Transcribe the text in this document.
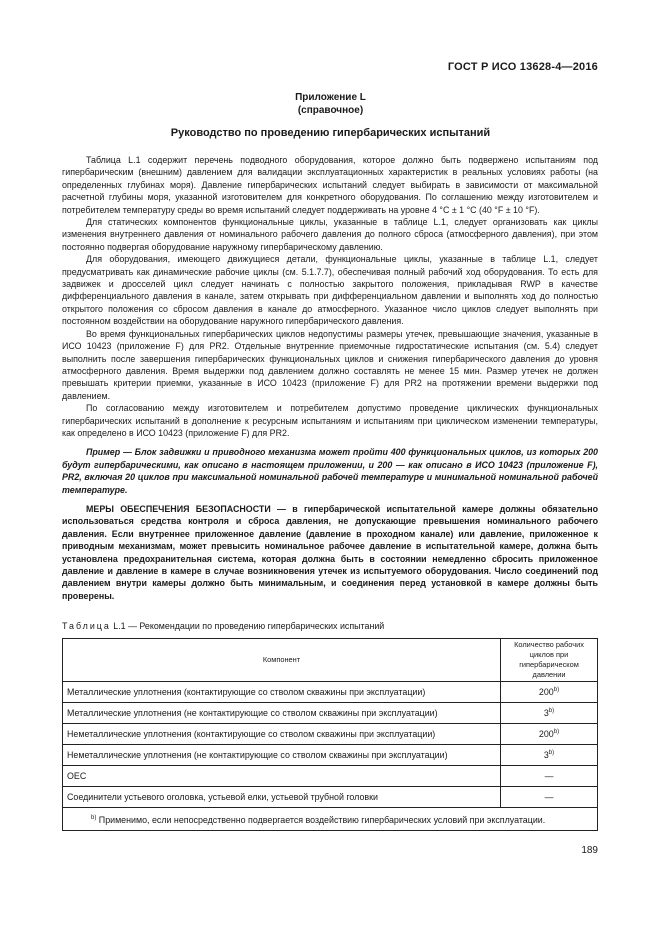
ГОСТ Р ИСО 13628-4—2016
Приложение L
(справочное)
Руководство по проведению гипербарических испытаний

Таблица L.1 содержит перечень подводного оборудования, которое должно быть подвержено испытаниям под гипербарическим (внешним) давлением для валидации эксплуатационных характеристик в реальных условиях работы (на определенных глубинах моря). Давление гипербарических испытаний следует выбирать в зависимости от максимальной расчетной глубины моря, указанной изготовителем для конкретного оборудования. По соглашению между изготовителем и потребителем температуру среды во время испытаний следует поддерживать на уровне 4 °С ± 1 °С (40 °F ± 10 °F).

Для статических компонентов функциональные циклы, указанные в таблице L.1, следует организовать как циклы изменения внутреннего давления от номинального рабочего давления до полного сброса (атмосферного давления), при этом постоянно подвергая оборудование наружному гипербарическому давлению.

Для оборудования, имеющего движущиеся детали, функциональные циклы, указанные в таблице L.1, следует предусматривать как динамические рабочие циклы (см. 5.1.7.7), обеспечивая полный рабочий ход оборудования. То есть для задвижек и дросселей цикл следует начинать с полностью закрытого положения, прикладывая RWP в качестве дифференциального давления в канале, затем открывать при дифференциальном давлении и выполнять ход до полностью открытого положения со сбросом давления в канале до атмосферного. Указанное число циклов следует выполнять при постоянном воздействии на оборудование наружного гипербарического давления.

Во время функциональных гипербарических циклов недопустимы размеры утечек, превышающие значения, указанные в ИСО 10423 (приложение F) для PR2. Отдельные внутренние приемочные гидростатические испытания (см. 5.4) следует выполнить после завершения гипербарических функциональных циклов и снижения гипербарического давления до уровня атмосферного давления. Время выдержки под давлением должно составлять не менее 15 мин. Размер утечек не должен превышать критерии приемки, указанные в ИСО 10423 (приложение F) для PR2 на протяжении времени выдержки под давлением.

По согласованию между изготовителем и потребителем допустимо проведение циклических функциональных гипербарических испытаний в дополнение к ресурсным испытаниям и испытаниям при циклическом изменении температуры, как определено в ИСО 10423 (приложение F) для PR2.

Пример — Блок задвижки и приводного механизма может пройти 400 функциональных циклов, из которых 200 будут гипербарическими, как описано в настоящем приложении, и 200 — как описано в ИСО 10423 (приложение F), PR2, включая 20 циклов при максимальной номинальной рабочей температуре и минимальной номинальной рабочей температуре.

МЕРЫ ОБЕСПЕЧЕНИЯ БЕЗОПАСНОСТИ — в гипербарической испытательной камере должны обязательно использоваться средства контроля и сброса давления, не допускающие превышения номинального рабочего давления. Если внутреннее приложенное давление (давление в проходном канале) или давление, приложенное к приводным механизмам, может превысить номинальное рабочее давление в испытательной камере, должна быть установлена предохранительная система, которая должна быть в состоянии немедленно сбросить приложенное давление и давление в камере в случае возникновения утечек из испытуемого оборудования. Число соединений под давлением внутри камеры должно быть минимальным, и соединения перед установкой в камере должны быть проверены.

Таблица L.1 — Рекомендации по проведению гипербарических испытаний
Компонент	Количество рабочих циклов при гипербарическом давлении
Металлические уплотнения (контактирующие со стволом скважины при эксплуатации)	200$^{b)}$
Металлические уплотнения (не контактирующие со стволом скважины при эксплуатации)	3$^{b)}$
Неметаллические уплотнения (контактирующие со стволом скважины при эксплуатации)	200$^{b)}$
Неметаллические уплотнения (не контактирующие со стволом скважины при эксплуатации)	3$^{b)}$
OEC	—
Соединители устьевого оголовка, устьевой елки, устьевой трубной головки	—

$^{b)}$ Применимо, если непосредственно подвергается воздействию гипербарических условий при эксплуатации.	
189
